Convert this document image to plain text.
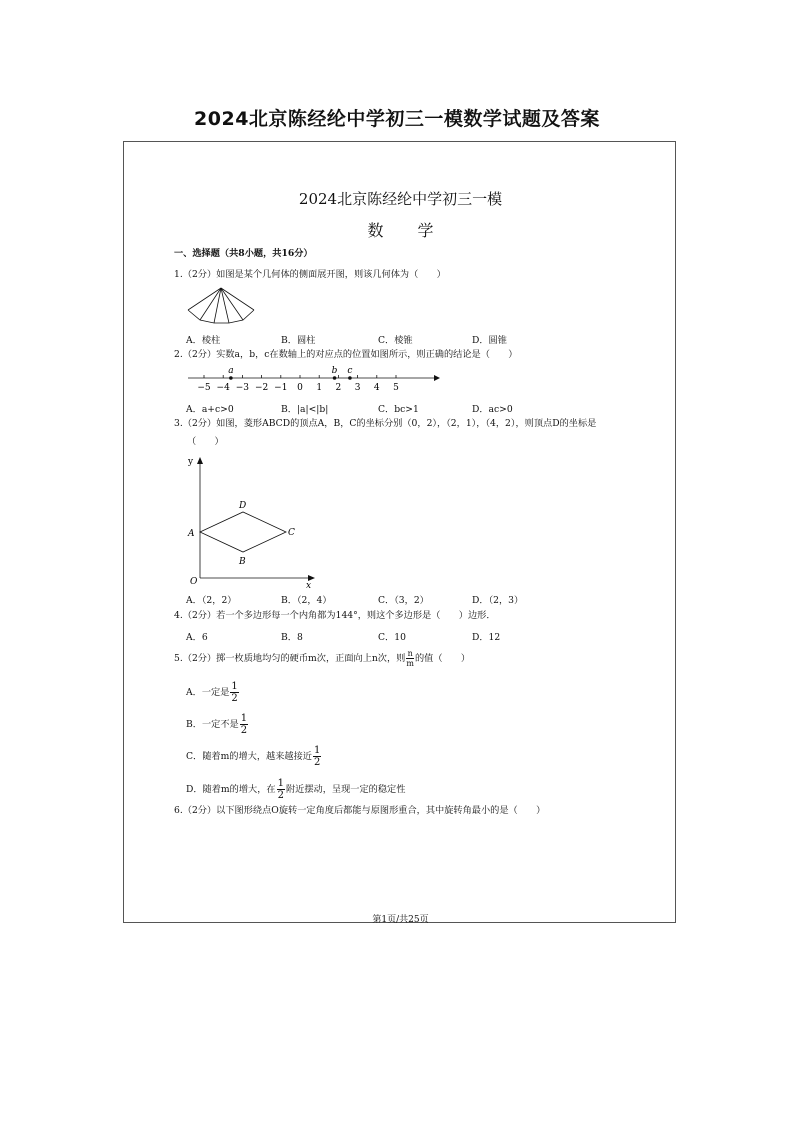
2024北京陈经纶中学初三一模数学试题及答案
2024北京陈经纶中学初三一模
数学
一、选择题（共8小题，共16分）
1.（2分）如图是某个几何体的侧面展开图，则该几何体为（　　）
A．棱柱	B．圆柱	C．棱锥	D．圆锥
2.（2分）实数a，b，c在数轴上的对应点的位置如图所示，则正确的结论是（　　）
−5 −4 −3 −2 −1 0 1 2 3 4 5
a	b c
A．a+c>0	B．|a|<|b|	C．bc>1	D．ac>0
3.（2分）如图，菱形ABCD的顶点A，B，C的坐标分别（0，2），（2，1），（4，2），则顶点D的坐标是
（　　）
y
x
O
A
B
C
D
A．（2，2）	B．（2，4）	C．（3，2）	D．（2，3）
4.（2分）若一个多边形每一个内角都为144°，则这个多边形是（　　）边形．
A．6	B．8	C．10	D．12
5.（2分）掷一枚质地均匀的硬币m次，正面向上n次，则 $\frac{n}{m}$ 的值（　　）
A．一定是 $\frac{1}{2}$
B．一定不是 $\frac{1}{2}$
C．随着m的增大，越来越接近 $\frac{1}{2}$
D．随着m的增大，在 $\frac{1}{2}$ 附近摆动，呈现一定的稳定性
6.（2分）以下图形绕点O旋转一定角度后都能与原图形重合，其中旋转角最小的是（　　）
第1页/共25页
